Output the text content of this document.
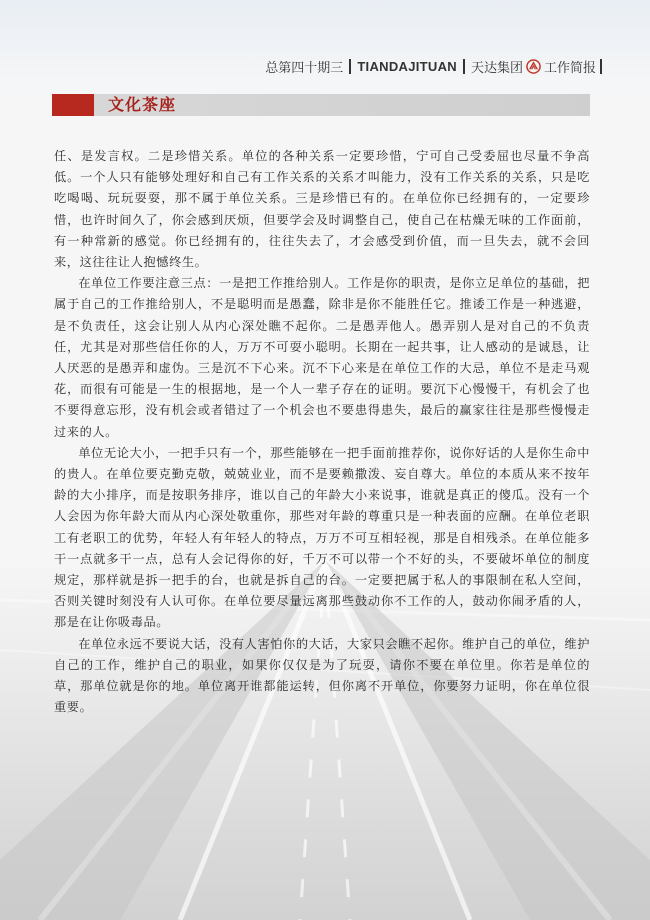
总第四十期三 TIANDAJITUAN 天达集团 工作简报
文化茶座

任、是发言权。二是珍惜关系。单位的各种关系一定要珍惜，宁可自己受委屈也尽量不争高低。一个人只有能够处理好和自己有工作关系的关系才叫能力，没有工作关系的关系，只是吃吃喝喝、玩玩耍耍，那不属于单位关系。三是珍惜已有的。在单位你已经拥有的，一定要珍惜，也许时间久了，你会感到厌烦，但要学会及时调整自己，使自己在枯燥无味的工作面前，有一种常新的感觉。你已经拥有的，往往失去了，才会感受到价值，而一旦失去，就不会回来，这往往让人抱憾终生。

在单位工作要注意三点：一是把工作推给别人。工作是你的职责，是你立足单位的基础，把属于自己的工作推给别人，不是聪明而是愚蠢，除非是你不能胜任它。推诿工作是一种逃避，是不负责任，这会让别人从内心深处瞧不起你。二是愚弄他人。愚弄别人是对自己的不负责任，尤其是对那些信任你的人，万万不可耍小聪明。长期在一起共事，让人感动的是诚恳，让人厌恶的是愚弄和虚伪。三是沉不下心来。沉不下心来是在单位工作的大忌，单位不是走马观花，而很有可能是一生的根据地，是一个人一辈子存在的证明。要沉下心慢慢干，有机会了也不要得意忘形，没有机会或者错过了一个机会也不要患得患失，最后的赢家往往是那些慢慢走过来的人。

单位无论大小，一把手只有一个，那些能够在一把手面前推荐你，说你好话的人是你生命中的贵人。在单位要克勤克敬，兢兢业业，而不是要赖撒泼、妄自尊大。单位的本质从来不按年龄的大小排序，而是按职务排序，谁以自己的年龄大小来说事，谁就是真正的傻瓜。没有一个人会因为你年龄大而从内心深处敬重你，那些对年龄的尊重只是一种表面的应酬。在单位老职工有老职工的优势，年轻人有年轻人的特点，万万不可互相轻视，那是自相残杀。在单位能多干一点就多干一点，总有人会记得你的好，千万不可以带一个不好的头，不要破坏单位的制度规定，那样就是拆一把手的台，也就是拆自己的台。一定要把属于私人的事限制在私人空间，否则关键时刻没有人认可你。在单位要尽量远离那些鼓动你不工作的人，鼓动你闹矛盾的人，那是在让你吸毒品。

在单位永远不要说大话，没有人害怕你的大话，大家只会瞧不起你。维护自己的单位，维护自己的工作，维护自己的职业，如果你仅仅是为了玩耍，请你不要在单位里。你若是单位的草，那单位就是你的地。单位离开谁都能运转，但你离不开单位，你要努力证明，你在单位很重要。
